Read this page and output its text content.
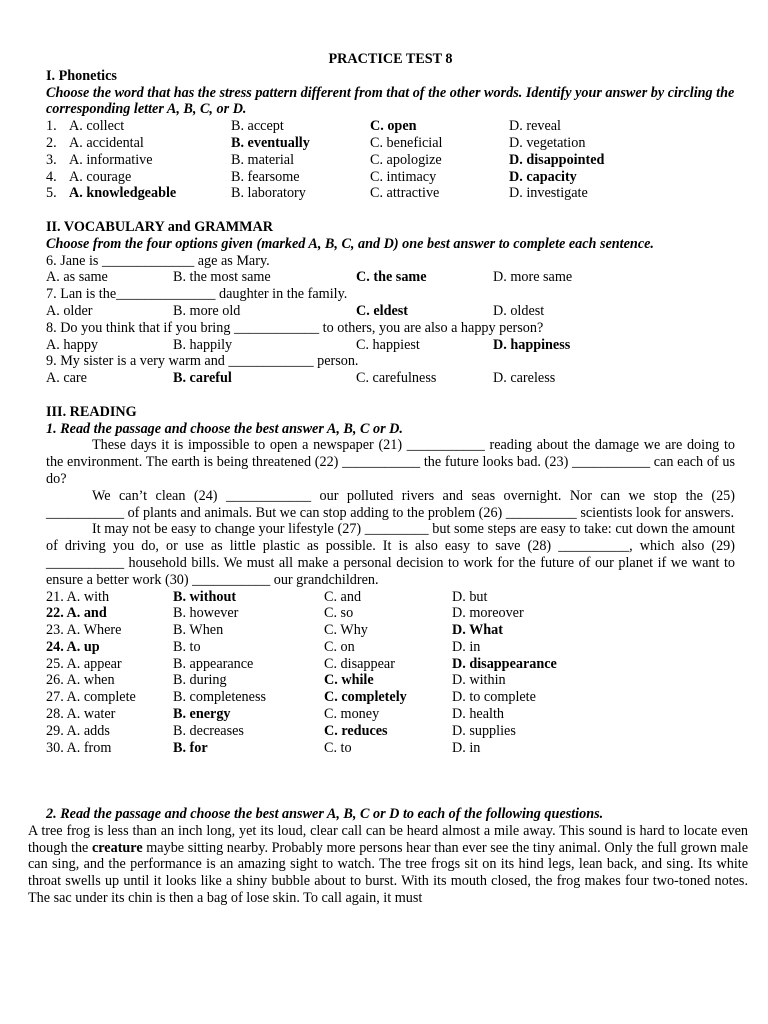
PRACTICE TEST 8
I. Phonetics
Choose the word that has the stress pattern different from that of the other words. Identify your answer by circling the corresponding letter A, B, C, or D.
1. A. collect	B. accept	C. open	D. reveal
2. A. accidental	B. eventually	C. beneficial	D. vegetation
3. A. informative	B. material	C. apologize	D. disappointed
4. A. courage	B. fearsome	C. intimacy	D. capacity
5. A. knowledgeable	B. laboratory	C. attractive	D. investigate
II. VOCABULARY and GRAMMAR
Choose from the four options given (marked A, B, C, and D) one best answer to complete each sentence.
6. Jane is _____________ age as Mary.
A. as same	B. the most same	C. the same	D. more same
7. Lan is the______________ daughter in the family.
A. older	B. more old	C. eldest	D. oldest
8. Do you think that if you bring ____________ to others, you are also a happy person?
A. happy	B. happily	C. happiest	D. happiness
9. My sister is a very warm and ____________ person.
A. care	B. careful	C. carefulness	D. careless
III. READING
1. Read the passage and choose the best answer A, B, C or D.
These days it is impossible to open a newspaper (21) ___________ reading about the damage we are doing to the environment. The earth is being threatened (22) ___________ the future looks bad. (23) ___________ can each of us do?
We can’t clean (24) ____________ our polluted rivers and seas overnight. Nor can we stop the (25) ___________ of plants and animals. But we can stop adding to the problem (26) __________ scientists look for answers.
It may not be easy to change your lifestyle (27) _________ but some steps are easy to take: cut down the amount of driving you do, or use as little plastic as possible. It is also easy to save (28) __________, which also (29) ___________ household bills. We must all make a personal decision to work for the future of our planet if we want to ensure a better work (30) ___________ our grandchildren.
21. A. with	B. without	C. and	D. but
22. A. and	B. however	C. so	D. moreover
23. A. Where	B. When	C. Why	D. What
24. A. up	B. to	C. on	D. in
25. A. appear	B. appearance	C. disappear	D. disappearance
26. A. when	B. during	C. while	D. within
27. A. complete	B. completeness	C. completely	D. to complete
28. A. water	B. energy	C. money	D. health
29. A. adds	B. decreases	C. reduces	D. supplies
30. A. from	B. for	C. to	D. in
2. Read the passage and choose the best answer A, B, C or D to each of the following questions.
A tree frog is less than an inch long, yet its loud, clear call can be heard almost a mile away. This sound is hard to locate even though the creature maybe sitting nearby. Probably more persons hear than ever see the tiny animal. Only the full grown male can sing, and the performance is an amazing sight to watch. The tree frogs sit on its hind legs, lean back, and sing. Its white throat swells up until it looks like a shiny bubble about to burst. With its mouth closed, the frog makes four two-toned notes. The sac under its chin is then a bag of lose skin. To call again, it must
